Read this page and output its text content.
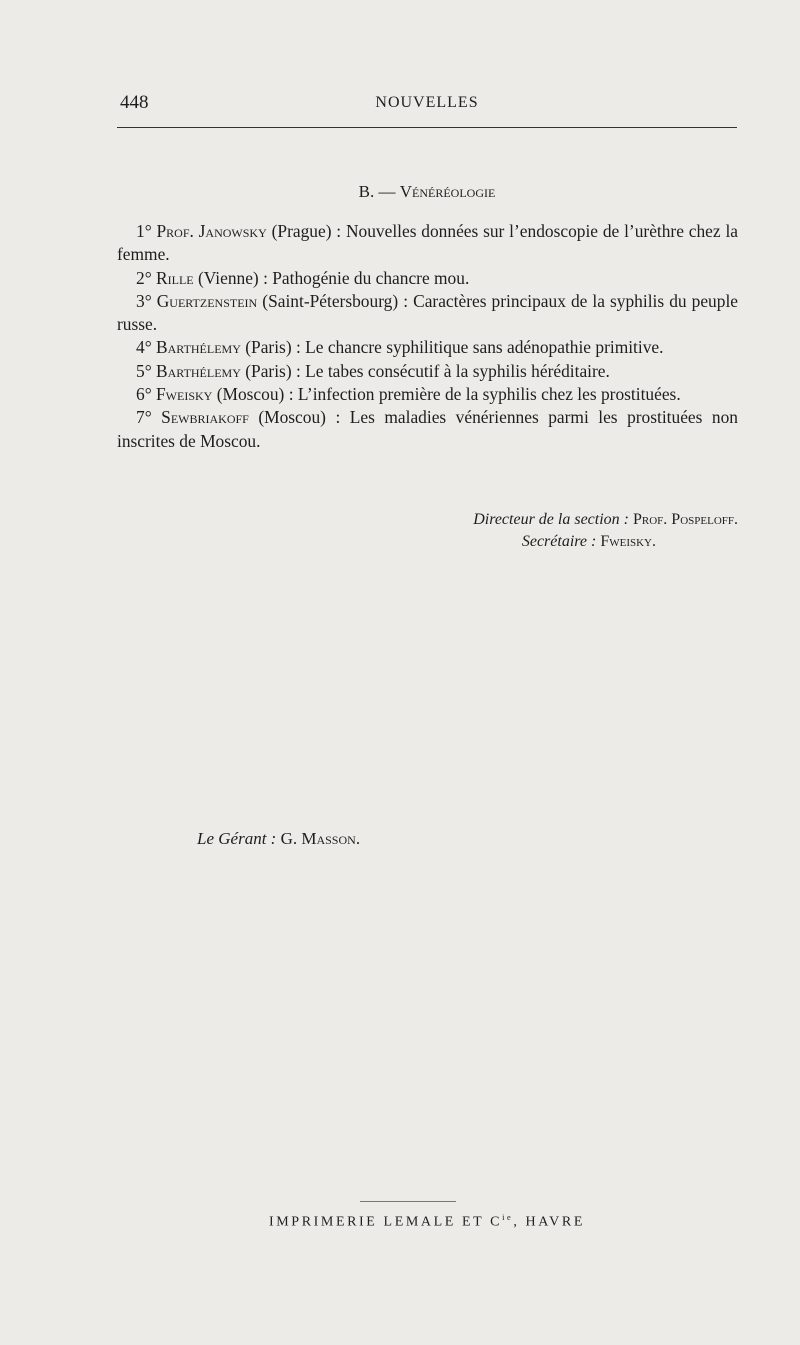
448	NOUVELLES
B. — Vénéréologie

1° Prof. Janowsky (Prague) : Nouvelles données sur l’endoscopie de l’urèthre chez la femme.

2° Rille (Vienne) : Pathogénie du chancre mou.

3° Guertzenstein (Saint-Pétersbourg) : Caractères principaux de la syphilis du peuple russe.

4° Barthélemy (Paris) : Le chancre syphilitique sans adénopathie primitive.

5° Barthélemy (Paris) : Le tabes consécutif à la syphilis héréditaire.

6° Fweisky (Moscou) : L’infection première de la syphilis chez les prostituées.

7° Sewbriakoff (Moscou) : Les maladies vénériennes parmi les prostituées non inscrites de Moscou.

Directeur de la section : Prof. Pospeloff.
Secrétaire : Fweisky.
Le Gérant : G. Masson.
IMPRIMERIE LEMALE ET $C^{ie}$, HAVRE
